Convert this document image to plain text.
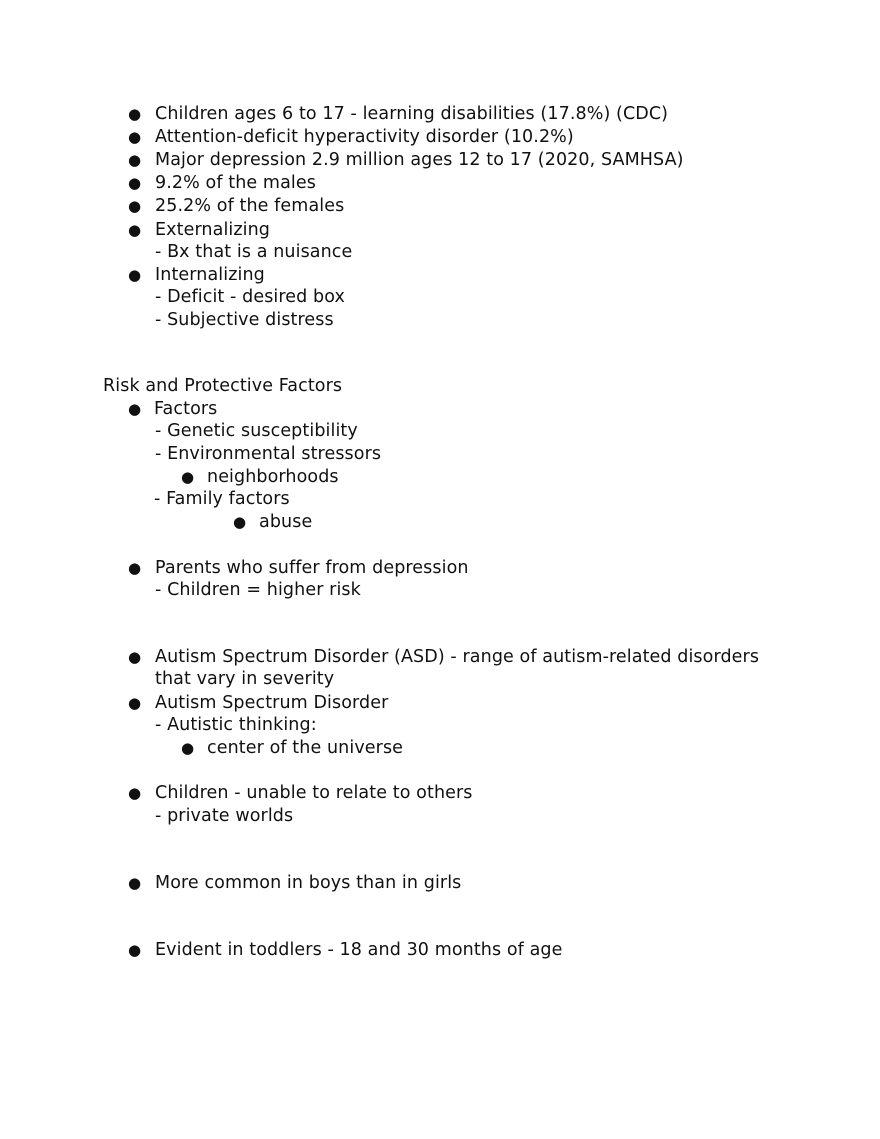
● Children ages 6 to 17 - learning disabilities (17.8%) (CDC)
● Attention-deficit hyperactivity disorder (10.2%)
● Major depression 2.9 million ages 12 to 17 (2020, SAMHSA)
● 9.2% of the males
● 25.2% of the females
● Externalizing
- Bx that is a nuisance
● Internalizing
- Deficit - desired box
- Subjective distress
Risk and Protective Factors
● Factors
- Genetic susceptibility
- Environmental stressors
● neighborhoods
- Family factors
● abuse
● Parents who suffer from depression
- Children = higher risk
● Autism Spectrum Disorder (ASD) - range of autism-related disorders
that vary in severity
● Autism Spectrum Disorder
- Autistic thinking:
● center of the universe
● Children - unable to relate to others
- private worlds
● More common in boys than in girls
● Evident in toddlers - 18 and 30 months of age
